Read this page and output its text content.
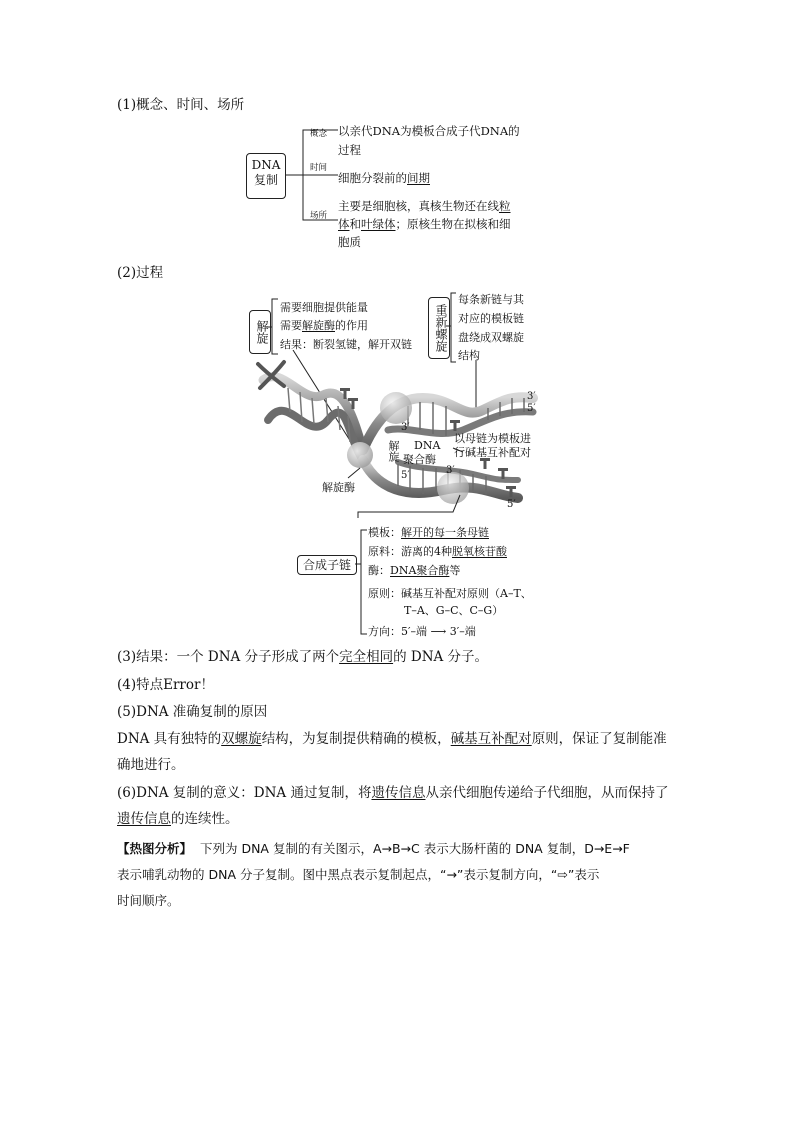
(1)概念、时间、场所
DNA复制
概念
时间
场所
以亲代DNA为模板合成子代DNA的
过程
细胞分裂前的间期
主要是细胞核，真核生物还在线粒
体和叶绿体；原核生物在拟核和细
胞质
(2)过程
解旋
需要细胞提供能量
需要解旋酶的作用
结果：断裂氢键，解开双链	重新螺旋
每条新链与其
对应的模板链
盘绕成双螺旋
结构
解旋 DNA
聚合酶
解旋酶
以母链为模板进
行碱基互补配对
3′
5′
3′
5′	3′
5′
合成子链
模板：解开的每一条母链
原料：游离的4种脱氧核苷酸
酶：DNA聚合酶等
原则：碱基互补配对原则（A–T、
T–A、G–C、C–G）
方向：5′–端 ⟶ 3′–端
(3)结果：一个 DNA 分子形成了两个完全相同的 DNA 分子。
(4)特点Error！
(5)DNA 准确复制的原因
DNA 具有独特的双螺旋结构，为复制提供精确的模板，碱基互补配对原则，保证了复制能准
确地进行。
(6)DNA 复制的意义：DNA 通过复制，将遗传信息从亲代细胞传递给子代细胞，从而保持了
遗传信息的连续性。
【热图分析】 下列为 DNA 复制的有关图示，A→B→C 表示大肠杆菌的 DNA 复制，D→E→F
表示哺乳动物的 DNA 分子复制。图中黑点表示复制起点，“→”表示复制方向，“⇨”表示
时间顺序。
